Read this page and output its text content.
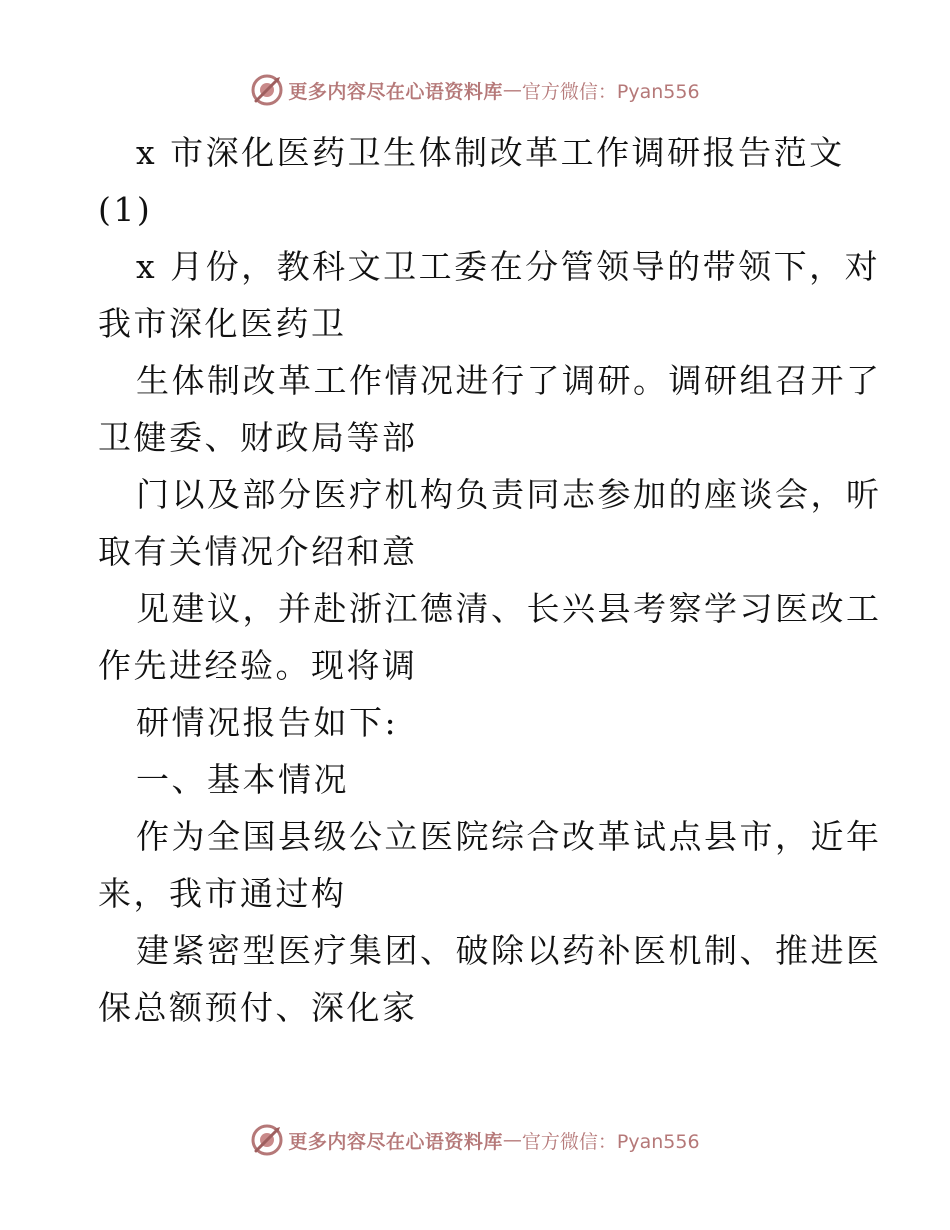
更多内容尽在心语资料库 — 官方微信：Pyan556
x 市深化医药卫生体制改革工作调研报告范文
(1)
x 月份，教科文卫工委在分管领导的带领下，对
我市深化医药卫
生体制改革工作情况进行了调研。调研组召开了
卫健委、财政局等部
门以及部分医疗机构负责同志参加的座谈会，听
取有关情况介绍和意
见建议，并赴浙江德清、长兴县考察学习医改工
作先进经验。现将调
研情况报告如下:
一、基本情况
作为全国县级公立医院综合改革试点县市，近年
来，我市通过构
建紧密型医疗集团、破除以药补医机制、推进医
保总额预付、深化家
更多内容尽在心语资料库 — 官方微信：Pyan556
